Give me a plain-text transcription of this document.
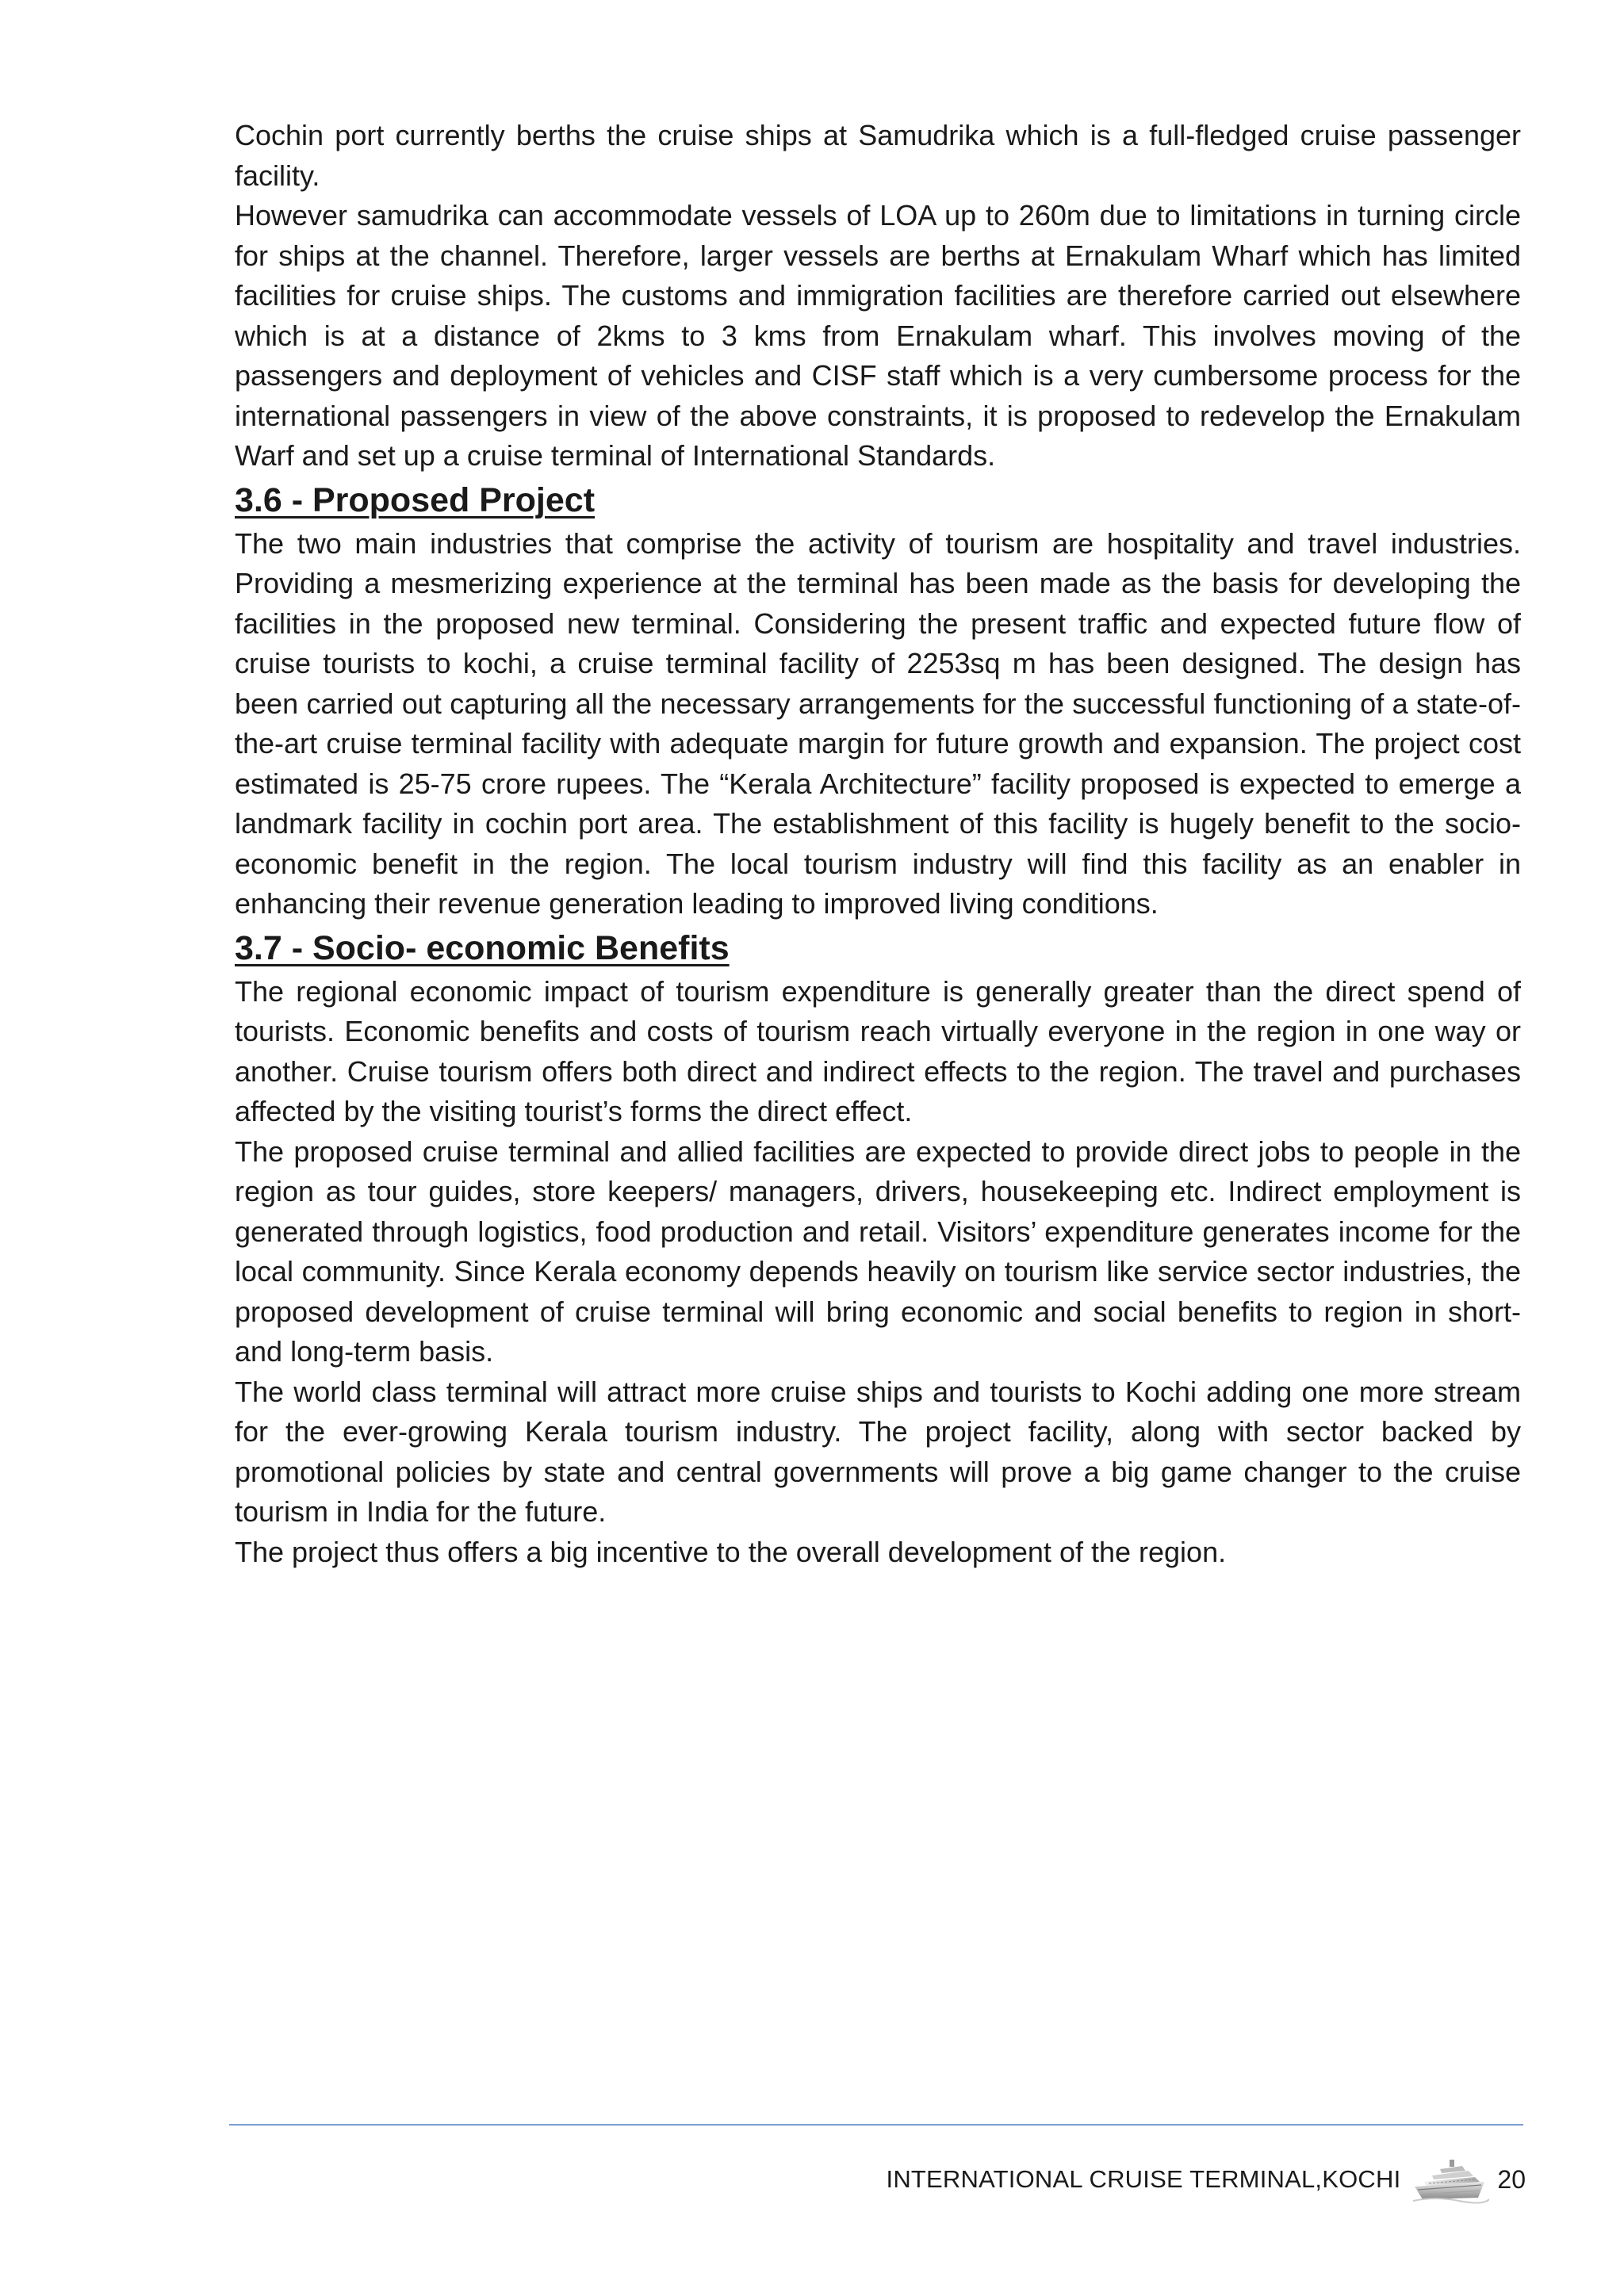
Cochin port currently berths the cruise ships at Samudrika which is a full-fledged cruise passenger facility.

However samudrika can accommodate vessels of LOA up to 260m due to limitations in turning circle for ships at the channel. Therefore, larger vessels are berths at Ernakulam Wharf which has limited facilities for cruise ships. The customs and immigration facilities are therefore carried out elsewhere which is at a distance of 2kms to 3 kms from Ernakulam wharf. This involves moving of the passengers and deployment of vehicles and CISF staff which is a very cumbersome process for the international passengers in view of the above constraints, it is proposed to redevelop the Ernakulam Warf and set up a cruise terminal of International Standards.

3.6 - Proposed Project

The two main industries that comprise the activity of tourism are hospitality and travel industries. Providing a mesmerizing experience at the terminal has been made as the basis for developing the facilities in the proposed new terminal. Considering the present traffic and expected future flow of cruise tourists to kochi, a cruise terminal facility of 2253sq m has been designed. The design has been carried out capturing all the necessary arrangements for the successful functioning of a state-of-the-art cruise terminal facility with adequate margin for future growth and expansion. The project cost estimated is 25-75 crore rupees. The “Kerala Architecture” facility proposed is expected to emerge a landmark facility in cochin port area. The establishment of this facility is hugely benefit to the socio-economic benefit in the region. The local tourism industry will find this facility as an enabler in enhancing their revenue generation leading to improved living conditions.

3.7 - Socio- economic Benefits

The regional economic impact of tourism expenditure is generally greater than the direct spend of tourists. Economic benefits and costs of tourism reach virtually everyone in the region in one way or another. Cruise tourism offers both direct and indirect effects to the region. The travel and purchases affected by the visiting tourist’s forms the direct effect.

The proposed cruise terminal and allied facilities are expected to provide direct jobs to people in the region as tour guides, store keepers/ managers, drivers, housekeeping etc. Indirect employment is generated through logistics, food production and retail. Visitors’ expenditure generates income for the local community. Since Kerala economy depends heavily on tourism like service sector industries, the proposed development of cruise terminal will bring economic and social benefits to region in short- and long-term basis.

The world class terminal will attract more cruise ships and tourists to Kochi adding one more stream for the ever-growing Kerala tourism industry. The project facility, along with sector backed by promotional policies by state and central governments will prove a big game changer to the cruise tourism in India for the future.

The project thus offers a big incentive to the overall development of the region.

INTERNATIONAL CRUISE TERMINAL,KOCHI	20
